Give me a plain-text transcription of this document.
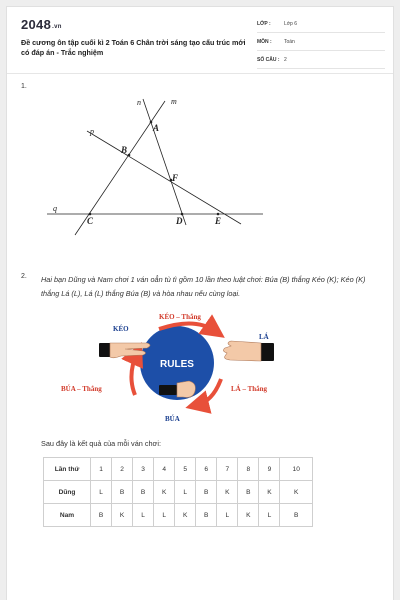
2048.vn
Đề cương ôn tập cuối kì 2 Toán 6 Chân trời sáng tạo cấu trúc mới có đáp án - Trắc nghiệm
LỚP :	Lớp 6
MÔN : Toán
SỐ CÂU : 2
1.
A
B
C	D	E
F
n	m
p
q
2. Hai bạn Dũng và Nam chơi 1 ván oẳn tù tì gồm 10 lần theo luật chơi: Búa (B) thắng Kéo (K); Kéo (K) thắng Lá (L), Lá (L) thắng Búa (B) và hòa nhau nếu cùng loại.
RULES
KÉO
LÁ
BÚA
KÉO – Thắng
LÁ – Thắng
BÚA – Thắng
Sau đây là kết quả của mỗi ván chơi:
Lần thứ	1	2	3	4	5	6	7	8	9	10
Dũng	L	B	B	K	L	B	K	B	K	K
Nam	B	K	L	L	K	B	L	K	L	B
